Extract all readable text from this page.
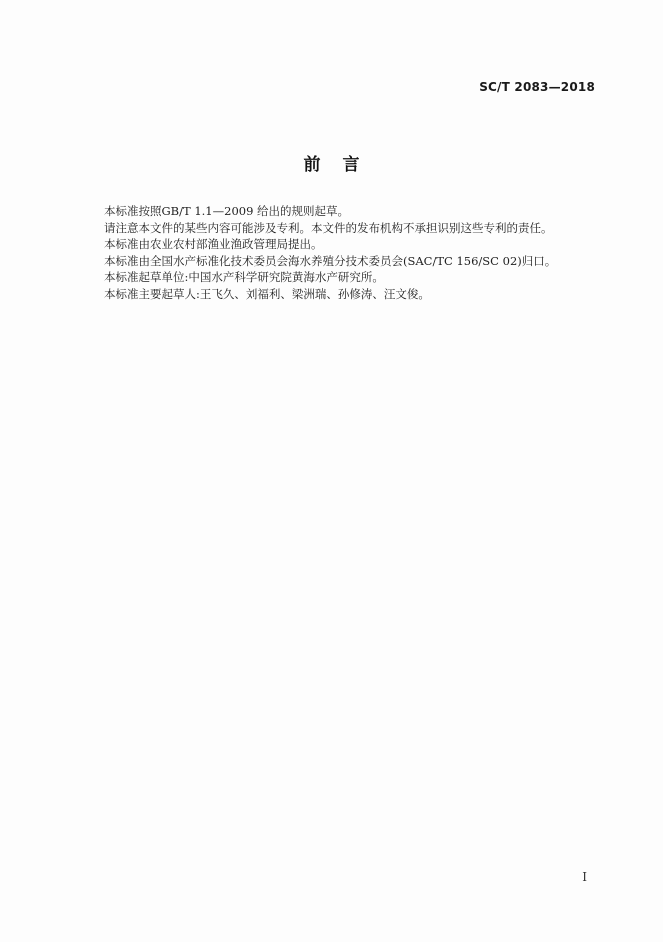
SC/T 2083—2018
前言

本标准按照GB/T 1.1—2009 给出的规则起草。

请注意本文件的某些内容可能涉及专利。本文件的发布机构不承担识别这些专利的责任。

本标准由农业农村部渔业渔政管理局提出。

本标准由全国水产标准化技术委员会海水养殖分技术委员会(SAC/TC 156/SC 02)归口。

本标准起草单位:中国水产科学研究院黄海水产研究所。

本标准主要起草人:王飞久、刘福利、梁洲瑞、孙修涛、汪文俊。

I
